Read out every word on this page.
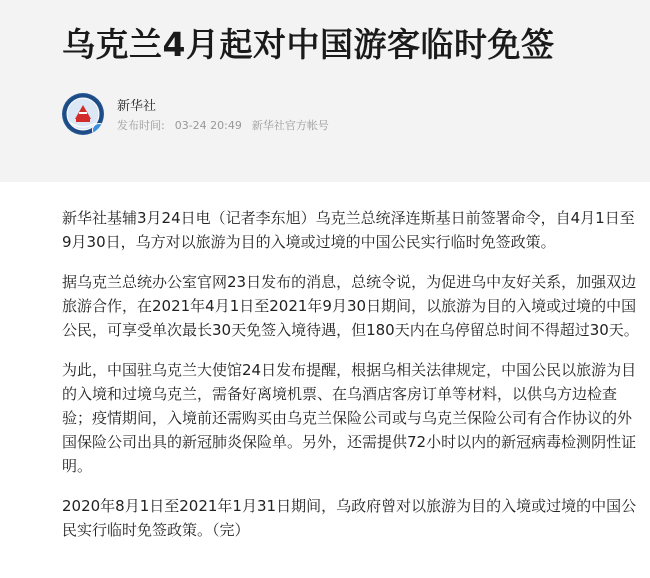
乌克兰4月起对中国游客临时免签
新华社
发布时间: 03-24 20:49 新华社官方帐号

新华社基辅3月24日电（记者李东旭）乌克兰总统泽连斯基日前签署命令，自4月1日至9月30日，乌方对以旅游为目的入境或过境的中国公民实行临时免签政策。

据乌克兰总统办公室官网23日发布的消息，总统令说，为促进乌中友好关系，加强双边旅游合作，在2021年4月1日至2021年9月30日期间，以旅游为目的入境或过境的中国公民，可享受单次最长30天免签入境待遇，但180天内在乌停留总时间不得超过30天。

为此，中国驻乌克兰大使馆24日发布提醒，根据乌相关法律规定，中国公民以旅游为目的入境和过境乌克兰，需备好离境机票、在乌酒店客房订单等材料，以供乌方边检查验；疫情期间，入境前还需购买由乌克兰保险公司或与乌克兰保险公司有合作协议的外国保险公司出具的新冠肺炎保险单。另外，还需提供72小时以内的新冠病毒检测阴性证明。

2020年8月1日至2021年1月31日期间，乌政府曾对以旅游为目的入境或过境的中国公民实行临时免签政策。（完）
